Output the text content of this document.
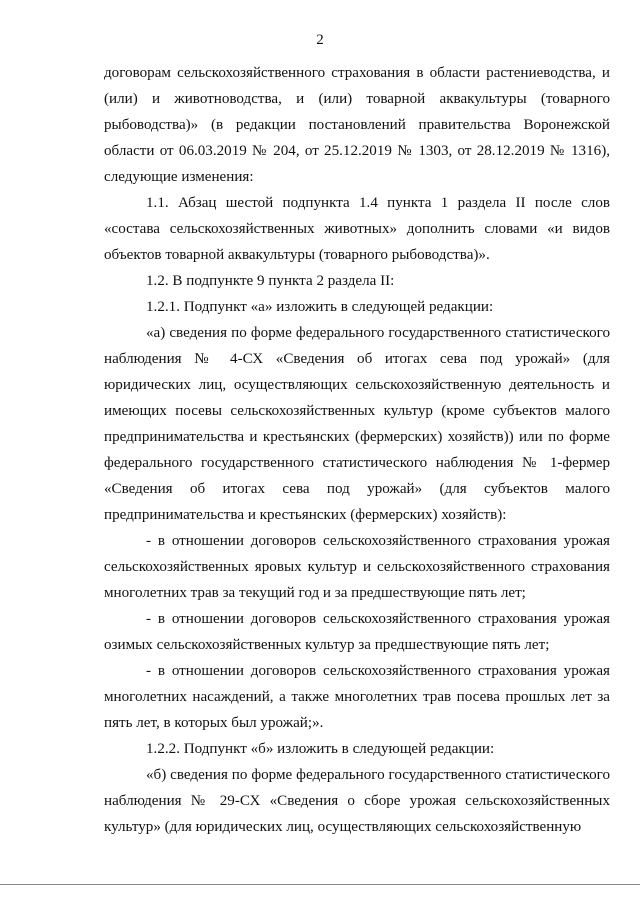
2

договорам сельскохозяйственного страхования в области растениеводства, и (или) и животноводства, и (или) товарной аквакультуры (товарного рыбоводства)» (в редакции постановлений правительства Воронежской области от 06.03.2019 № 204, от 25.12.2019 № 1303, от 28.12.2019 № 1316), следующие изменения:

1.1. Абзац шестой подпункта 1.4 пункта 1 раздела II после слов «состава сельскохозяйственных животных» дополнить словами «и видов объектов товарной аквакультуры (товарного рыбоводства)».

1.2. В подпункте 9 пункта 2 раздела II:

1.2.1. Подпункт «а» изложить в следующей редакции:

«а) сведения по форме федерального государственного статистического наблюдения № 4-СХ «Сведения об итогах сева под урожай» (для юридических лиц, осуществляющих сельскохозяйственную деятельность и имеющих посевы сельскохозяйственных культур (кроме субъектов малого предпринимательства и крестьянских (фермерских) хозяйств)) или по форме федерального государственного статистического наблюдения № 1-фермер «Сведения об итогах сева под урожай» (для субъектов малого предпринимательства и крестьянских (фермерских) хозяйств):

- в отношении договоров сельскохозяйственного страхования урожая сельскохозяйственных яровых культур и сельскохозяйственного страхования многолетних трав за текущий год и за предшествующие пять лет;

- в отношении договоров сельскохозяйственного страхования урожая озимых сельскохозяйственных культур за предшествующие пять лет;

- в отношении договоров сельскохозяйственного страхования урожая многолетних насаждений, а также многолетних трав посева прошлых лет за пять лет, в которых был урожай;».

1.2.2. Подпункт «б» изложить в следующей редакции:

«б) сведения по форме федерального государственного статистического наблюдения № 29-СХ «Сведения о сборе урожая сельскохозяйственных культур» (для юридических лиц, осуществляющих сельскохозяйственную
